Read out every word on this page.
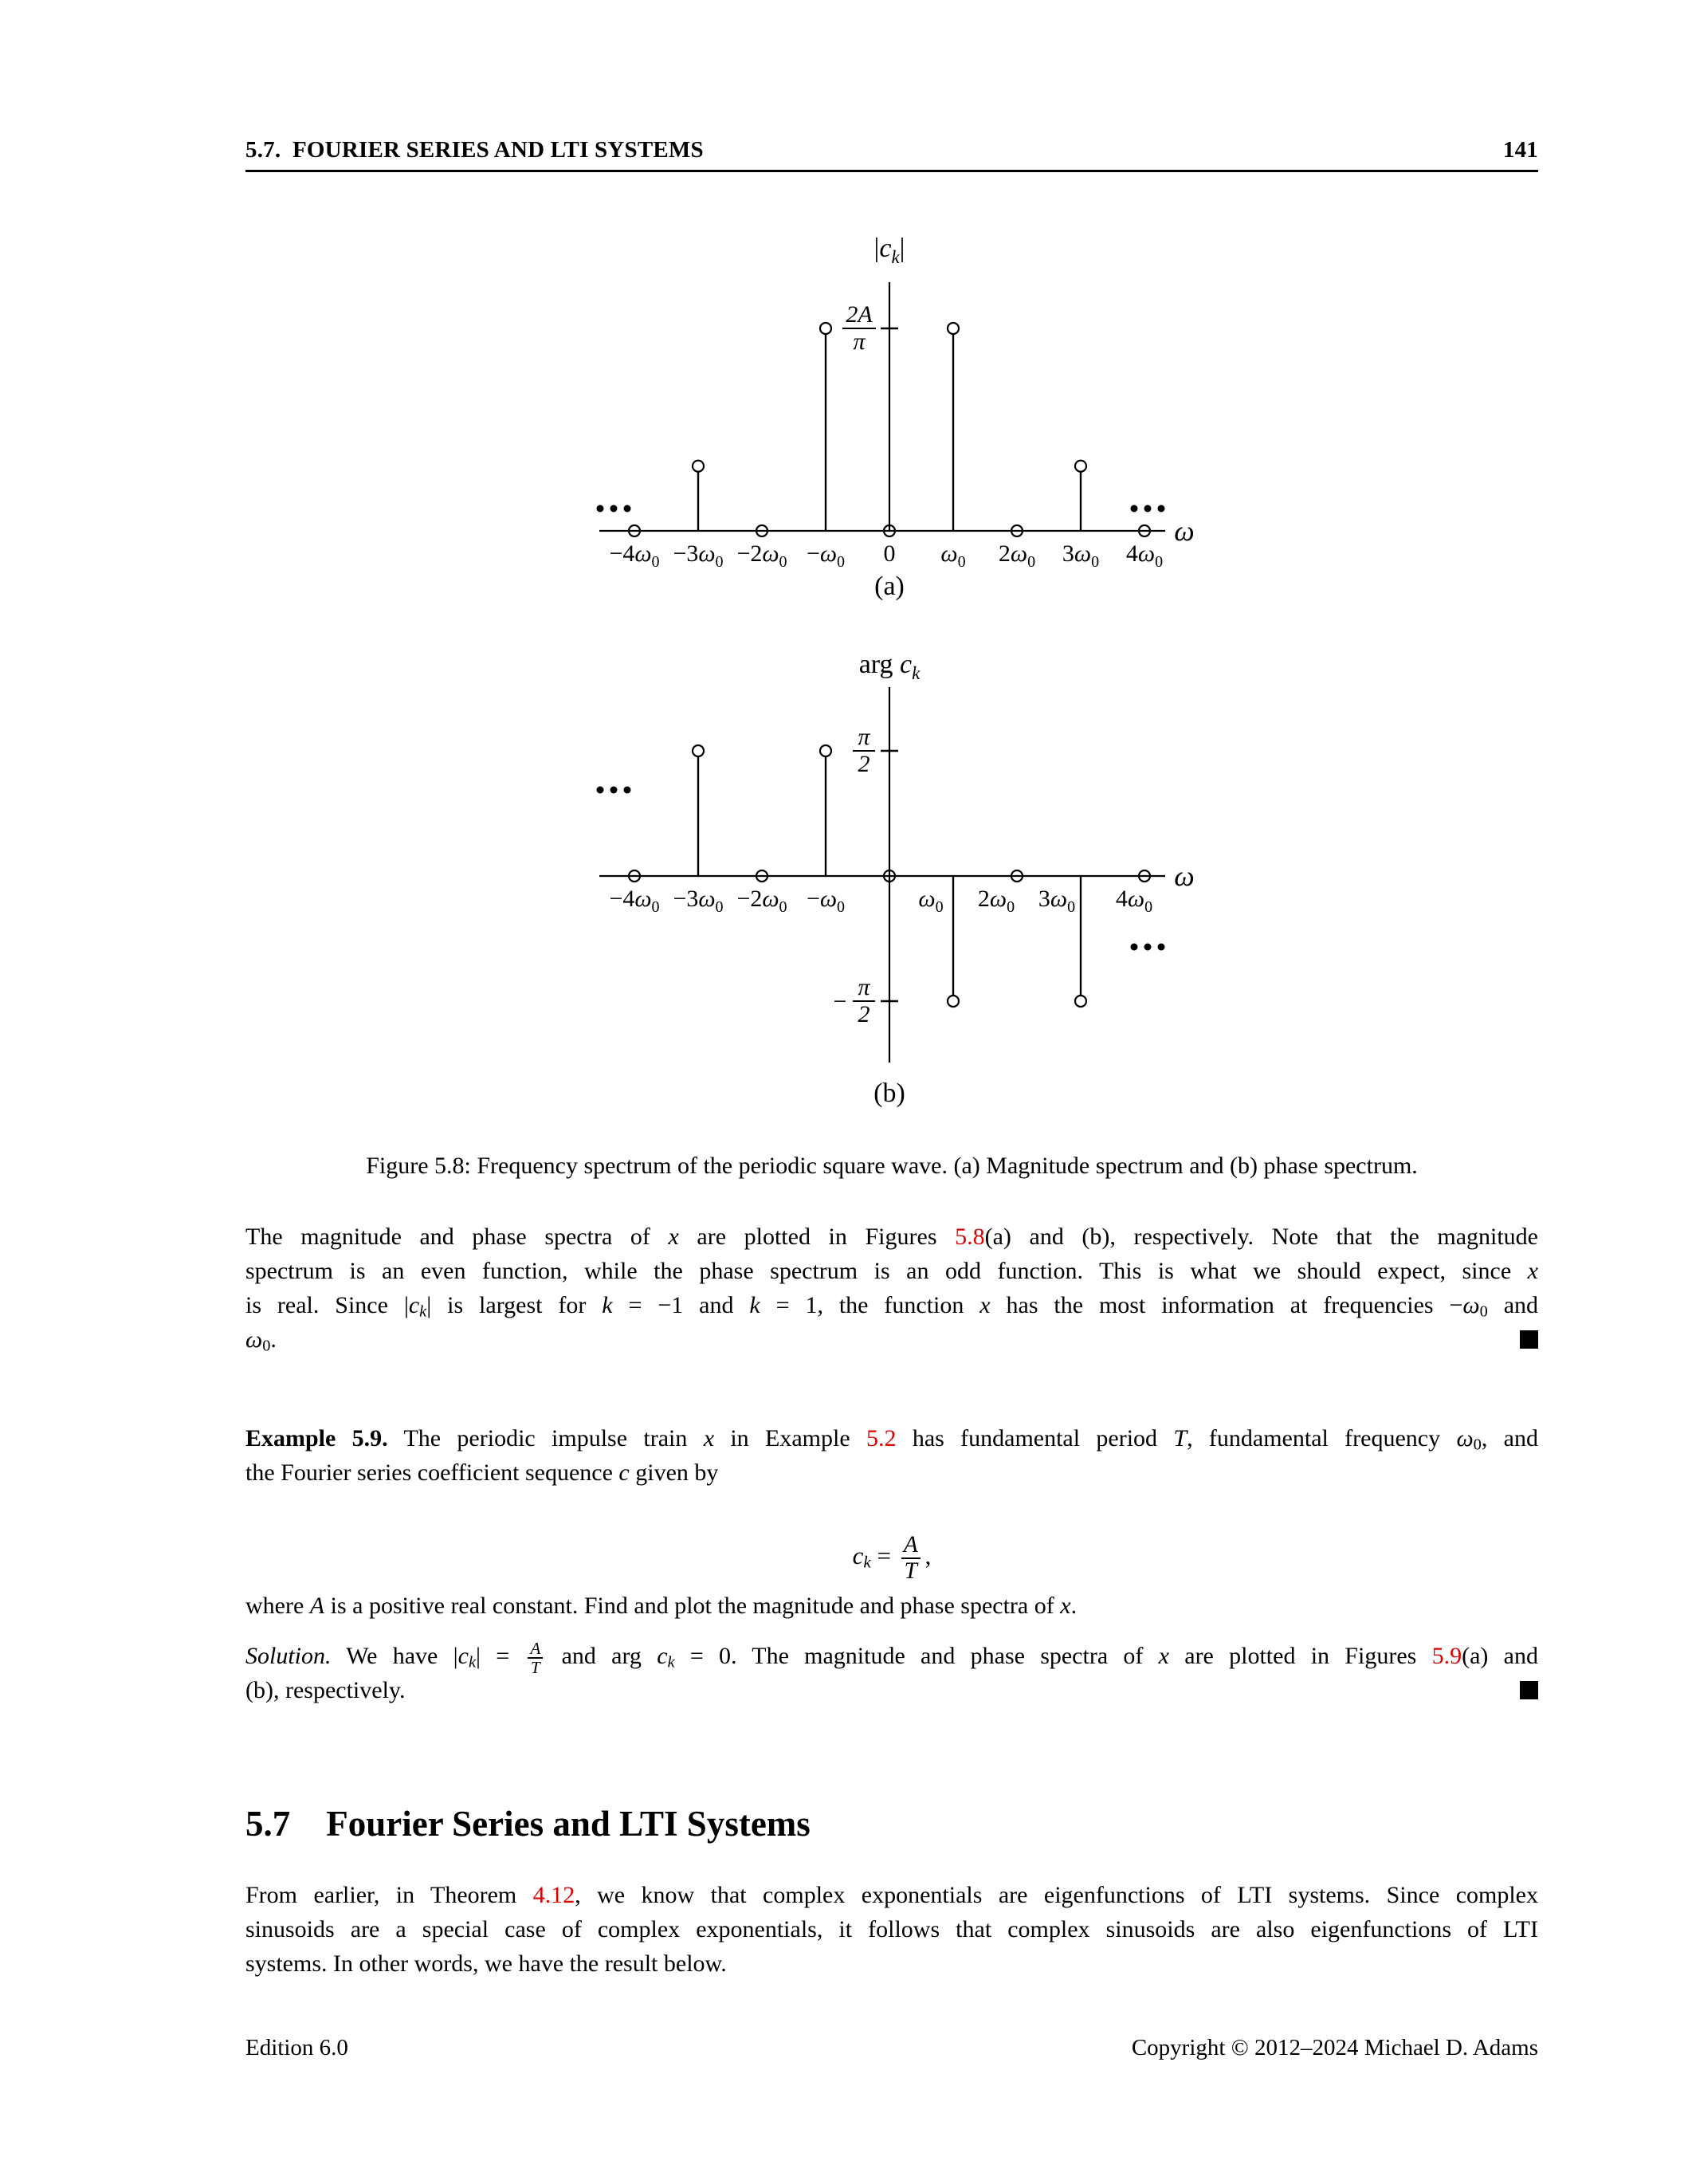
5.7. FOURIER SERIES AND LTI SYSTEMS	141
$|c_k|$
ω
2A
π
$-4\omega_0 -3\omega_0 -2\omega_0 -\omega_0$ 0 $\omega_0$ $2\omega_0$ $3\omega_0$ $4\omega_0$
(a)
arg $c_k$
ω
π
2
π
2
−
$-4\omega_0 -3\omega_0 -2\omega_0 -\omega_0$	$\omega_0$ $2\omega_0$ $3\omega_0$ $4\omega_0$
(b)
Figure 5.8: Frequency spectrum of the periodic square wave. (a) Magnitude spectrum and (b) phase spectrum.
The magnitude and phase spectra of x are plotted in Figures 5.8(a) and (b), respectively. Note that the magnitude
spectrum is an even function, while the phase spectrum is an odd function. This is what we should expect, since x
is real. Since $|c_k|$ is largest for k = −1 and k = 1, the function x has the most information at frequencies $-\omega_0$ and
$\omega_0$.
Example 5.9. The periodic impulse train x in Example 5.2 has fundamental period T, fundamental frequency $\omega_0$, and
the Fourier series coefficient sequence c given by
$c_k = \frac{A}{T}$ ,
where A is a positive real constant. Find and plot the magnitude and phase spectra of x.
Solution. We have $|c_k| = \frac{A}{T}$ and arg $c_k = 0$. The magnitude and phase spectra of x are plotted in Figures 5.9(a) and
(b), respectively.
5.7 Fourier Series and LTI Systems
From earlier, in Theorem 4.12, we know that complex exponentials are eigenfunctions of LTI systems. Since complex
sinusoids are a special case of complex exponentials, it follows that complex sinusoids are also eigenfunctions of LTI
systems. In other words, we have the result below.
Edition 6.0	Copyright © 2012–2024 Michael D. Adams
